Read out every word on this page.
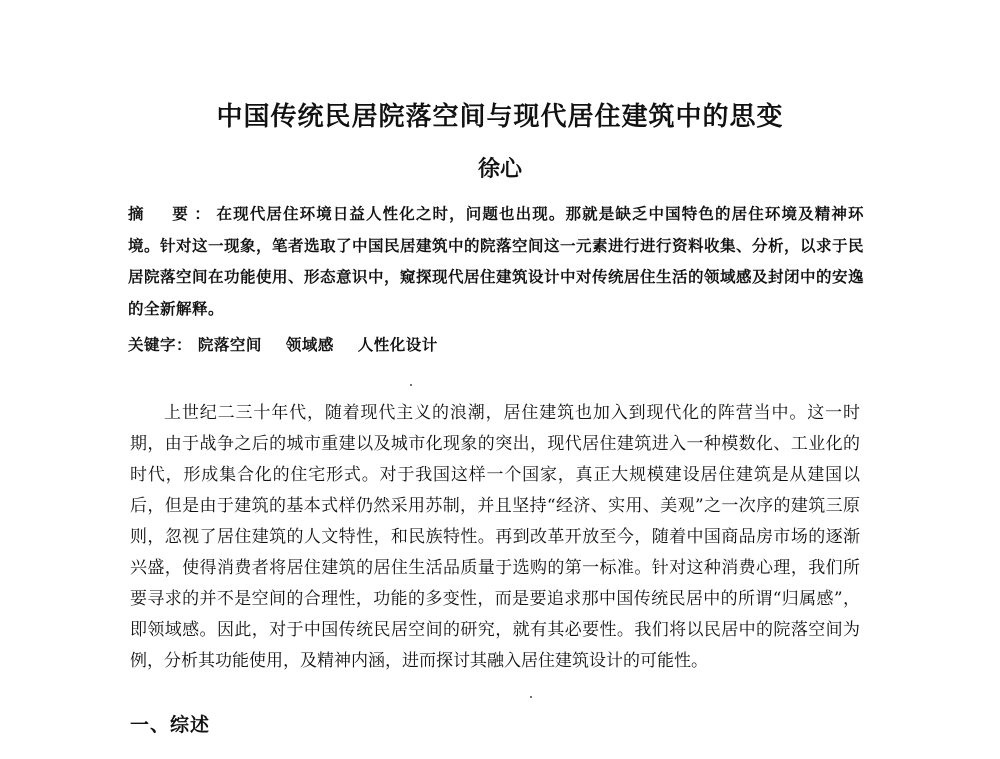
中国传统民居院落空间与现代居住建筑中的思变
徐心
摘　要：在现代居住环境日益人性化之时，问题也出现。那就是缺乏中国特色的居住环境及精神环境。针对这一现象，笔者选取了中国民居建筑中的院落空间这一元素进行进行资料收集、分析，以求于民居院落空间在功能使用、形态意识中，窥探现代居住建筑设计中对传统居住生活的领域感及封闭中的安逸的全新解释。
关键字： 院落空间 领域感 人性化设计
上世纪二三十年代，随着现代主义的浪潮，居住建筑也加入到现代化的阵营当中。这一时期，由于战争之后的城市重建以及城市化现象的突出，现代居住建筑进入一种模数化、工业化的时代，形成集合化的住宅形式。对于我国这样一个国家，真正大规模建设居住建筑是从建国以后，但是由于建筑的基本式样仍然采用苏制，并且坚持“经济、实用、美观”之一次序的建筑三原则，忽视了居住建筑的人文特性，和民族特性。再到改革开放至今，随着中国商品房市场的逐渐兴盛，使得消费者将居住建筑的居住生活品质量于选购的第一标准。针对这种消费心理，我们所要寻求的并不是空间的合理性，功能的多变性，而是要追求那中国传统民居中的所谓“归属感”，即领域感。因此，对于中国传统民居空间的研究，就有其必要性。我们将以民居中的院落空间为例，分析其功能使用，及精神内涵，进而探讨其融入居住建筑设计的可能性。
一、综述
